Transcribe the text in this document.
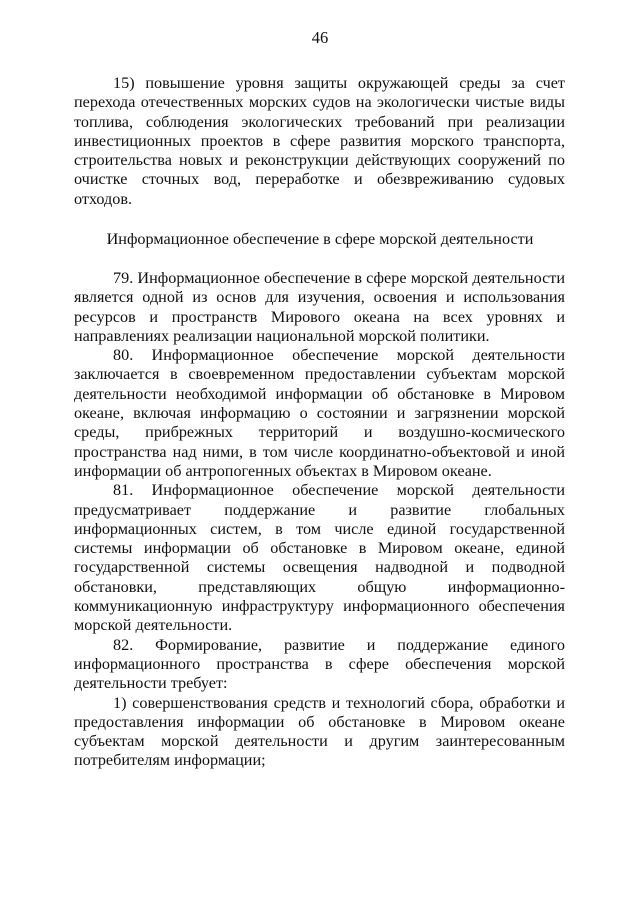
46

15) повышение уровня защиты окружающей среды за счет перехода отечественных морских судов на экологически чистые виды топлива, соблюдения экологических требований при реализации инвестиционных проектов в сфере развития морского транспорта, строительства новых и реконструкции действующих сооружений по очистке сточных вод, переработке и обезвреживанию судовых отходов.

Информационное обеспечение в сфере морской деятельности

79. Информационное обеспечение в сфере морской деятельности является одной из основ для изучения, освоения и использования ресурсов и пространств Мирового океана на всех уровнях и направлениях реализации национальной морской политики.

80. Информационное обеспечение морской деятельности заключается в своевременном предоставлении субъектам морской деятельности необходимой информации об обстановке в Мировом океане, включая информацию о состоянии и загрязнении морской среды, прибрежных территорий и воздушно-космического пространства над ними, в том числе координатно-объектовой и иной информации об антропогенных объектах в Мировом океане.

81. Информационное обеспечение морской деятельности предусматривает поддержание и развитие глобальных информационных систем, в том числе единой государственной системы информации об обстановке в Мировом океане, единой государственной системы освещения надводной и подводной обстановки, представляющих общую информационно-коммуникационную инфраструктуру информационного обеспечения морской деятельности.

82. Формирование, развитие и поддержание единого информационного пространства в сфере обеспечения морской деятельности требует:

1) совершенствования средств и технологий сбора, обработки и предоставления информации об обстановке в Мировом океане субъектам морской деятельности и другим заинтересованным потребителям информации;
